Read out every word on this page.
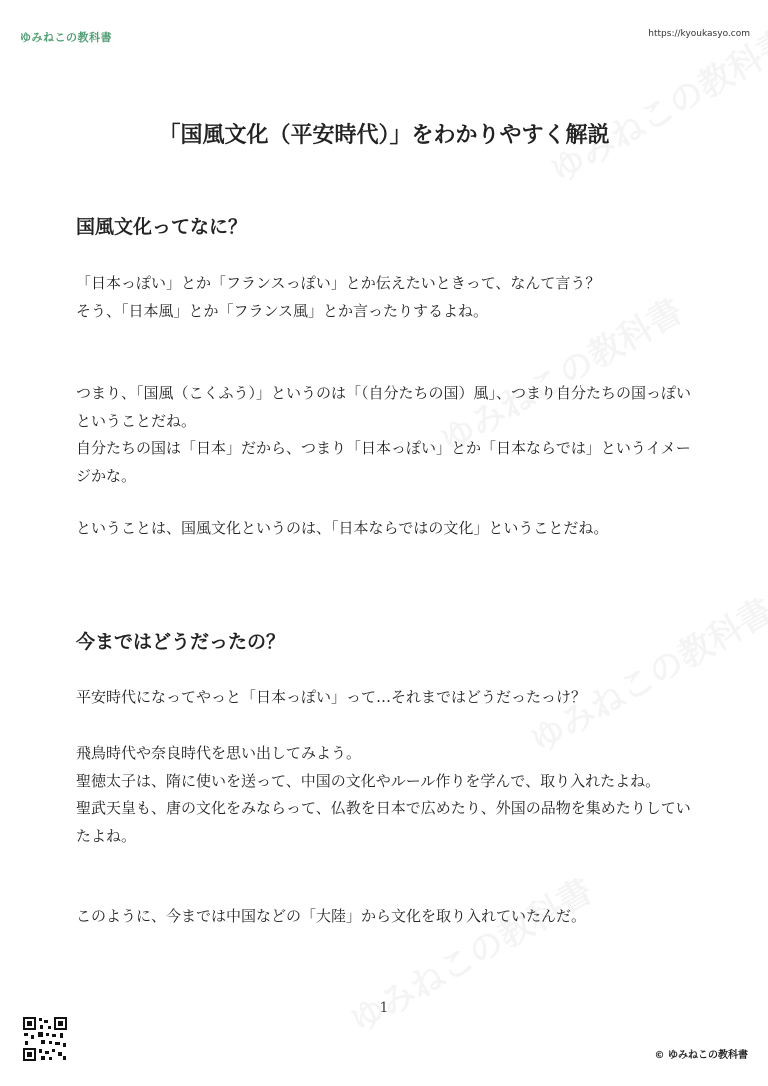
ゆみねこの教科書	https://kyoukasyo.com
「国風文化（平安時代）」をわかりやすく解説
国風文化ってなに？

「日本っぽい」とか「フランスっぽい」とか伝えたいときって、なんて言う？

そう、「日本風」とか「フランス風」とか言ったりするよね。

つまり、「国風（こくふう）」というのは「（自分たちの国）風」、つまり自分たちの国っぽいということだね。

自分たちの国は「日本」だから、つまり「日本っぽい」とか「日本ならでは」というイメージかな。

ということは、国風文化というのは、「日本ならではの文化」ということだね。

今まではどうだったの？

平安時代になってやっと「日本っぽい」って…それまではどうだったっけ？

飛鳥時代や奈良時代を思い出してみよう。

聖徳太子は、隋に使いを送って、中国の文化やルール作りを学んで、取り入れたよね。

聖武天皇も、唐の文化をみならって、仏教を日本で広めたり、外国の品物を集めたりしていたよね。

このように、今までは中国などの「大陸」から文化を取り入れていたんだ。

1
© ゆみねこの教科書
